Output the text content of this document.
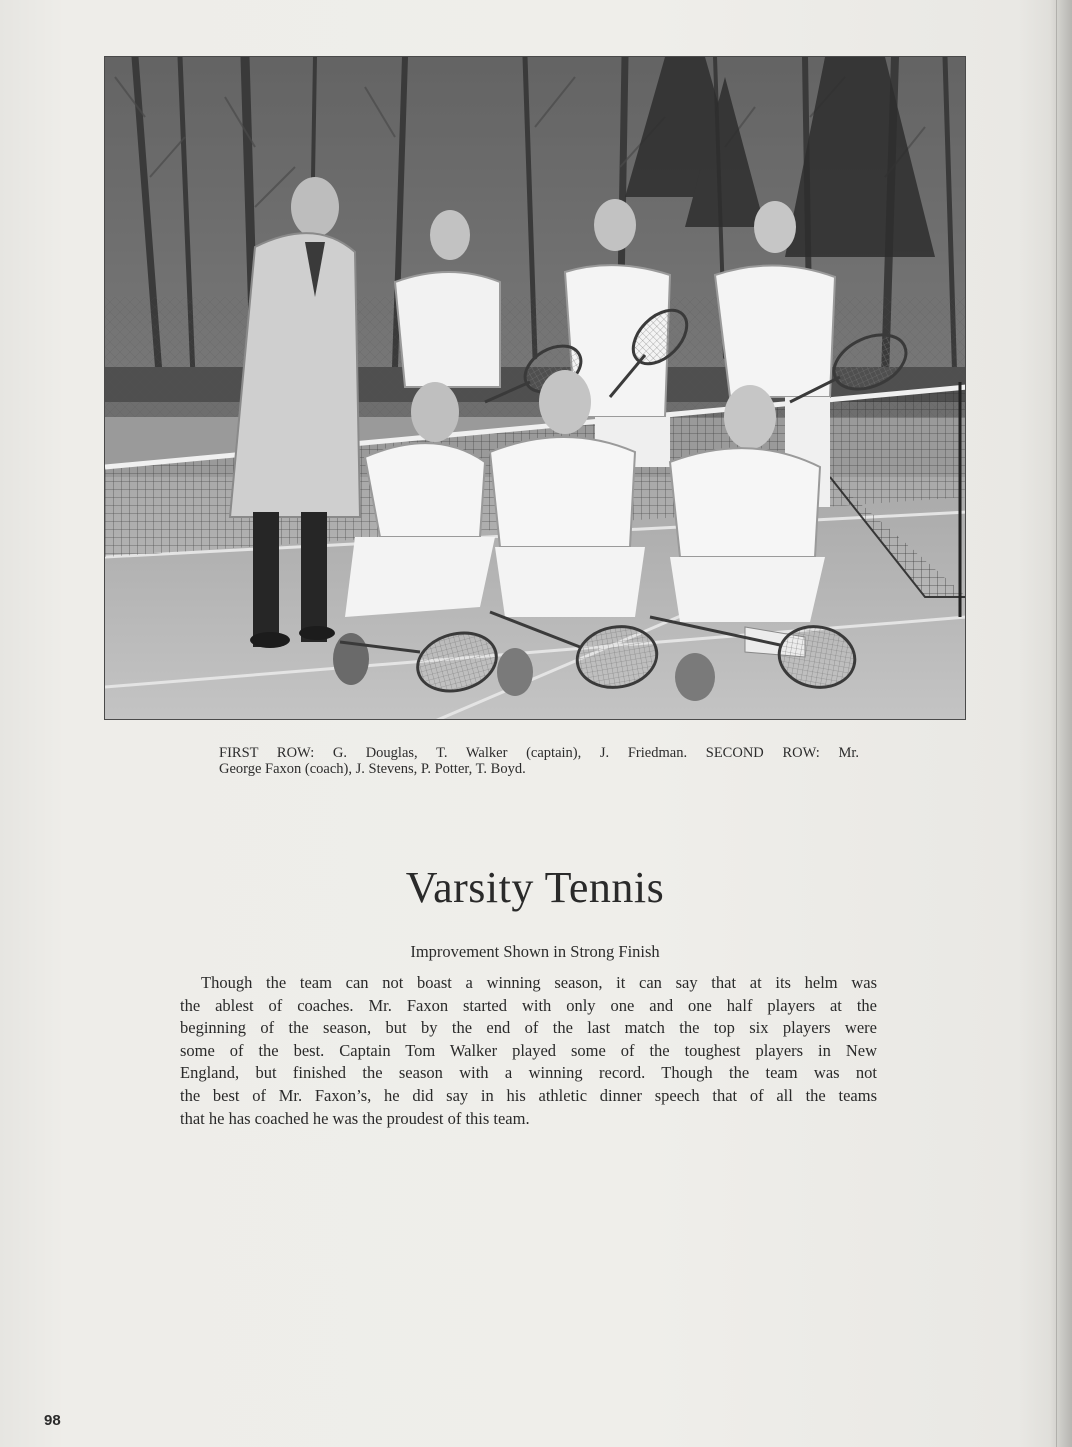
FIRST ROW: G. Douglas, T. Walker (captain), J. Friedman. SECOND ROW: Mr.
George Faxon (coach), J. Stevens, P. Potter, T. Boyd.
Varsity Tennis
Improvement Shown in Strong Finish
Though the team can not boast a winning season, it can say that at its helm was
the ablest of coaches. Mr. Faxon started with only one and one half players at the
beginning of the season, but by the end of the last match the top six players were
some of the best. Captain Tom Walker played some of the toughest players in New
England, but finished the season with a winning record. Though the team was not
the best of Mr. Faxon’s, he did say in his athletic dinner speech that of all the teams
that he has coached he was the proudest of this team.
98
